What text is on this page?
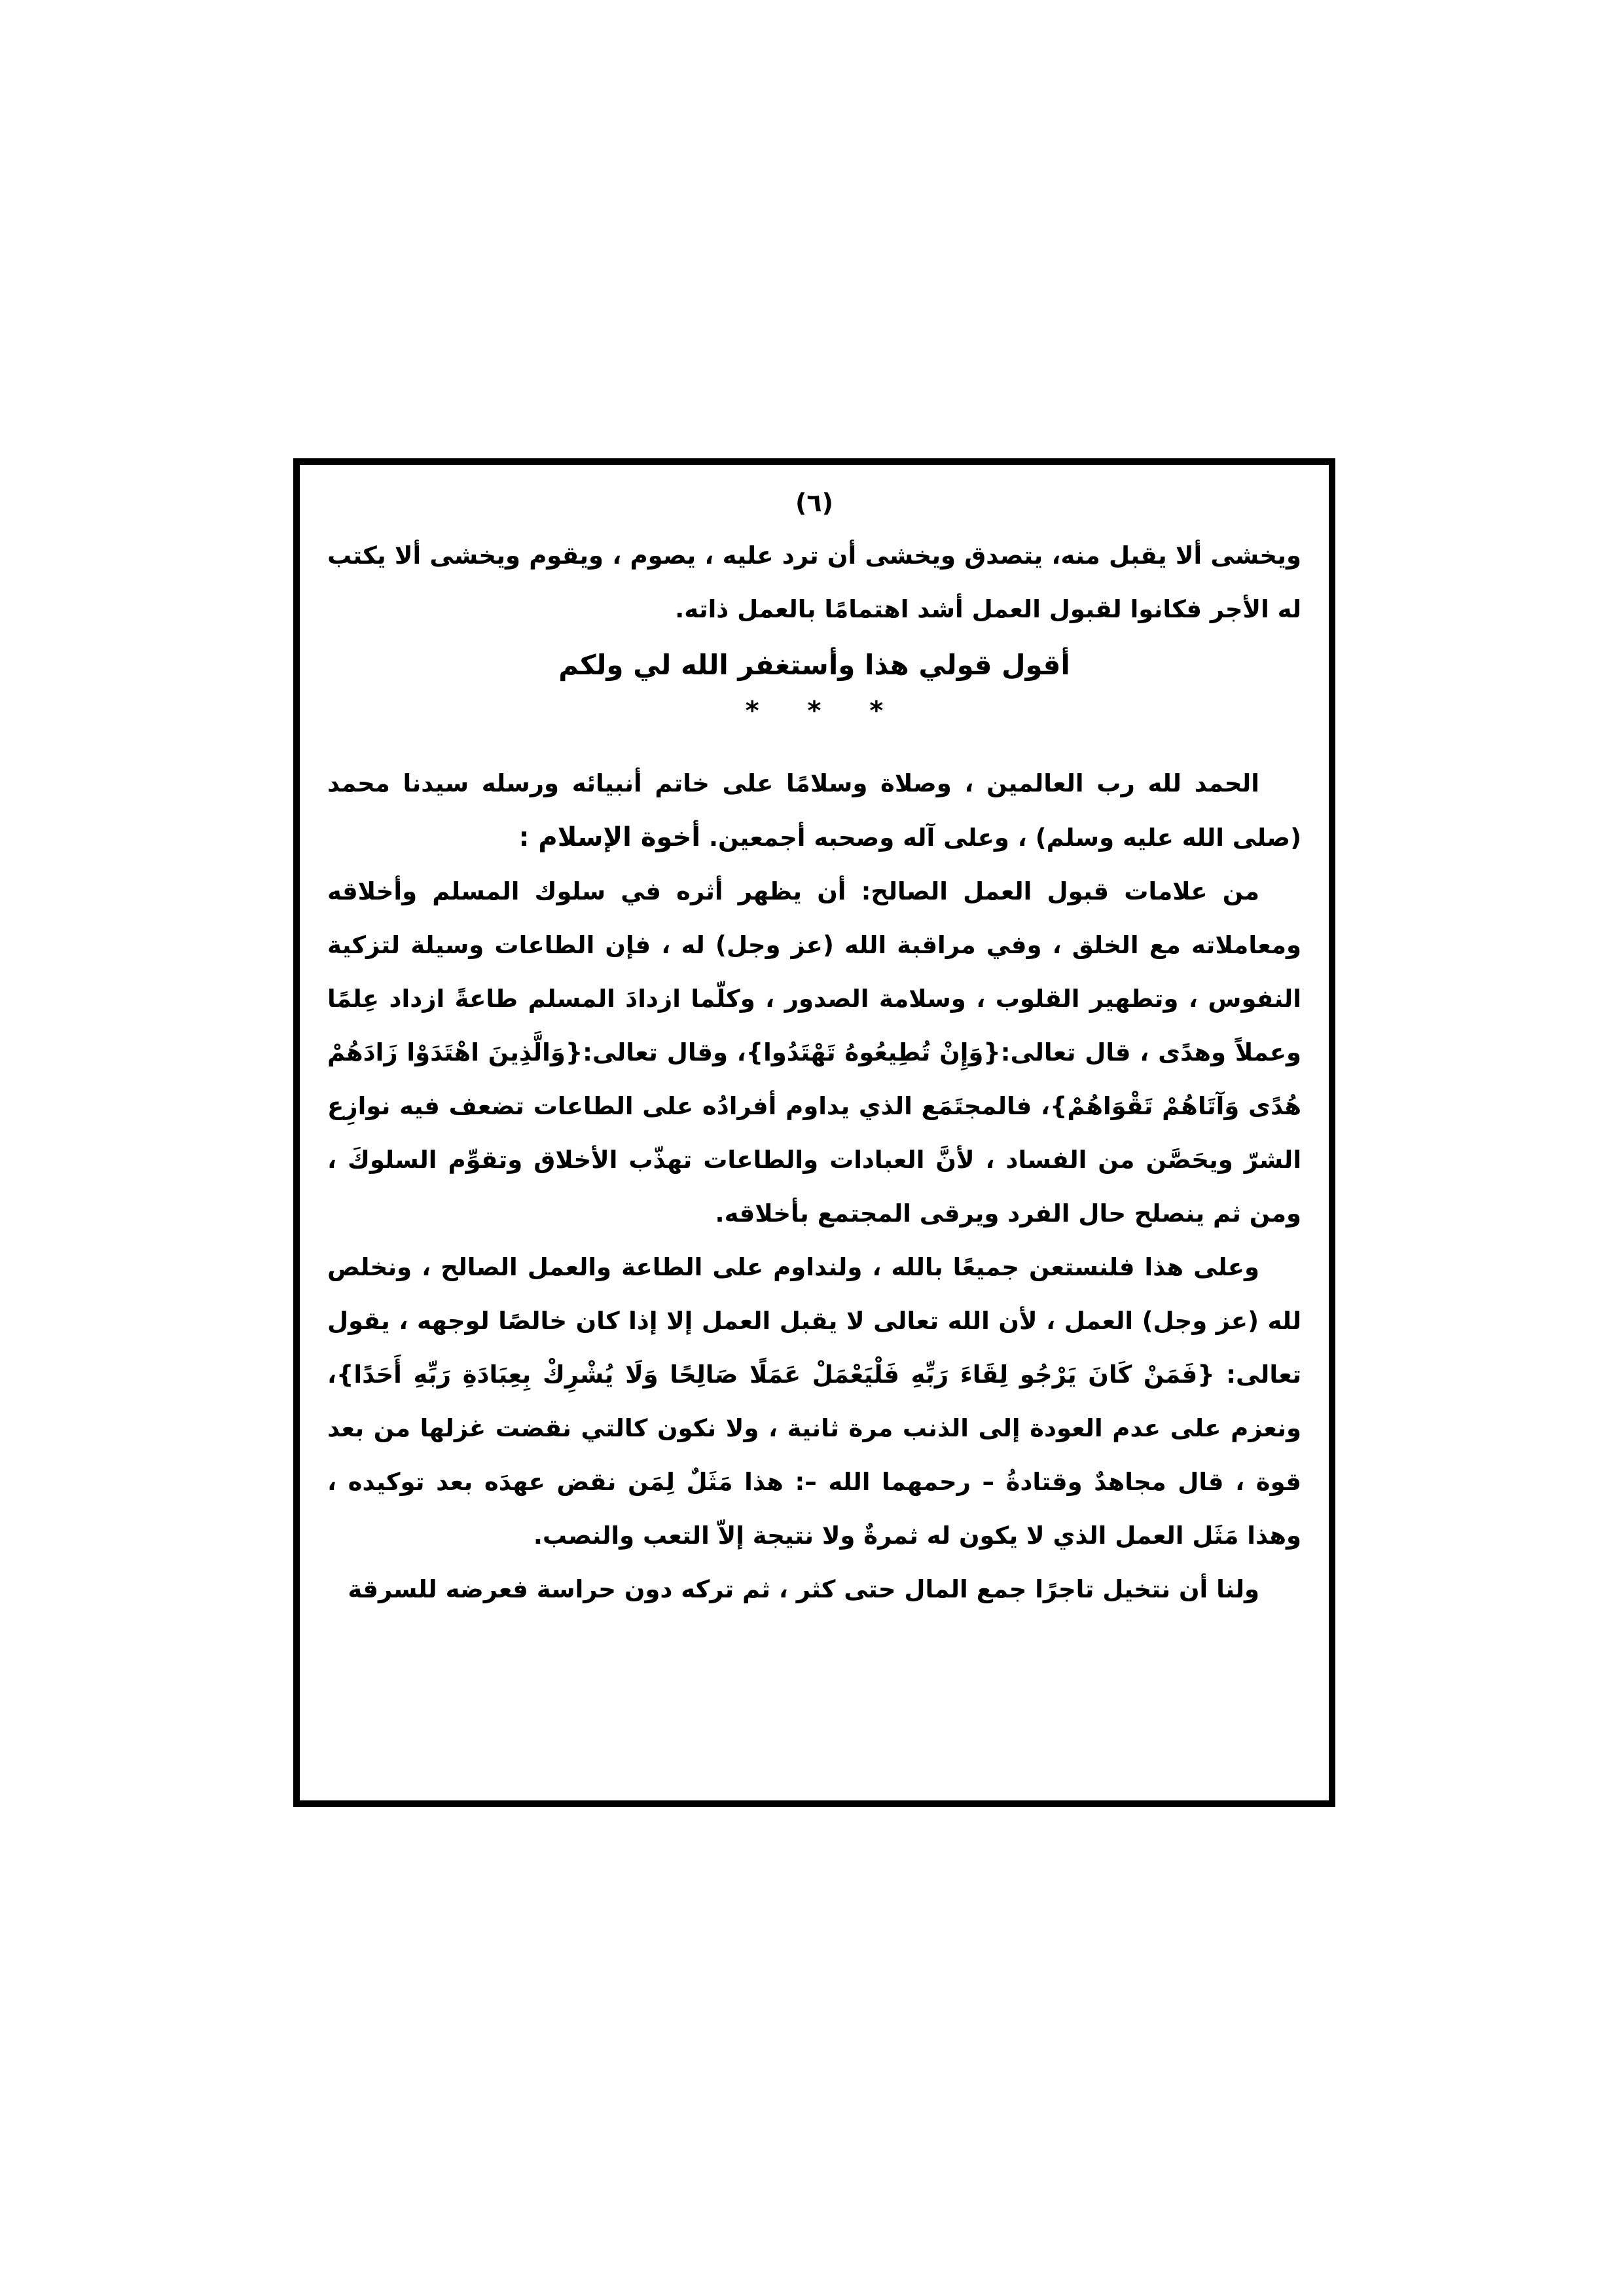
(٦)

ويخشى ألا يقبل منه، يتصدق ويخشى أن ترد عليه ، يصوم ، ويقوم ويخشى ألا يكتب له الأجر فكانوا لقبول العمل أشد اهتمامًا بالعمل ذاته.

أقول قولي هذا وأستغفر الله لي ولكم
* * *

الحمد لله رب العالمين ، وصلاة وسلامًا على خاتم أنبيائه ورسله سيدنا محمد (صلى الله عليه وسلم) ، وعلى آله وصحبه أجمعين. أخوة الإسلام :

من علامات قبول العمل الصالح: أن يظهر أثره في سلوك المسلم وأخلاقه ومعاملاته مع الخلق ، وفي مراقبة الله (عز وجل) له ، فإن الطاعات وسيلة لتزكية النفوس ، وتطهير القلوب ، وسلامة الصدور ، وكلّما ازدادَ المسلم طاعةً ازداد عِلمًا وعملاً وهدًى ، قال تعالى:{وَإِنْ تُطِيعُوهُ تَهْتَدُوا}، وقال تعالى:{وَالَّذِينَ اهْتَدَوْا زَادَهُمْ هُدًى وَآتَاهُمْ تَقْوَاهُمْ}، فالمجتَمَع الذي يداوم أفرادُه على الطاعات تضعف فيه نوازِع الشرّ ويحَصَّن من الفساد ، لأنَّ العبادات والطاعات تهذّب الأخلاق وتقوِّم السلوكَ ، ومن ثم ينصلح حال الفرد ويرقى المجتمع بأخلاقه.

وعلى هذا فلنستعن جميعًا بالله ، ولنداوم على الطاعة والعمل الصالح ، ونخلص لله (عز وجل) العمل ، لأن الله تعالى لا يقبل العمل إلا إذا كان خالصًا لوجهه ، يقول تعالى: {فَمَنْ كَانَ يَرْجُو لِقَاءَ رَبِّهِ فَلْيَعْمَلْ عَمَلًا صَالِحًا وَلَا يُشْرِكْ بِعِبَادَةِ رَبِّهِ أَحَدًا}، ونعزم على عدم العودة إلى الذنب مرة ثانية ، ولا نكون كالتي نقضت غزلها من بعد قوة ، قال مجاهدٌ وقتادةُ – رحمهما الله –: هذا مَثَلٌ لِمَن نقض عهدَه بعد توكيده ، وهذا مَثَل العمل الذي لا يكون له ثمرةٌ ولا نتيجة إلاّ التعب والنصب.

ولنا أن نتخيل تاجرًا جمع المال حتى كثر ، ثم تركه دون حراسة فعرضه للسرقة
